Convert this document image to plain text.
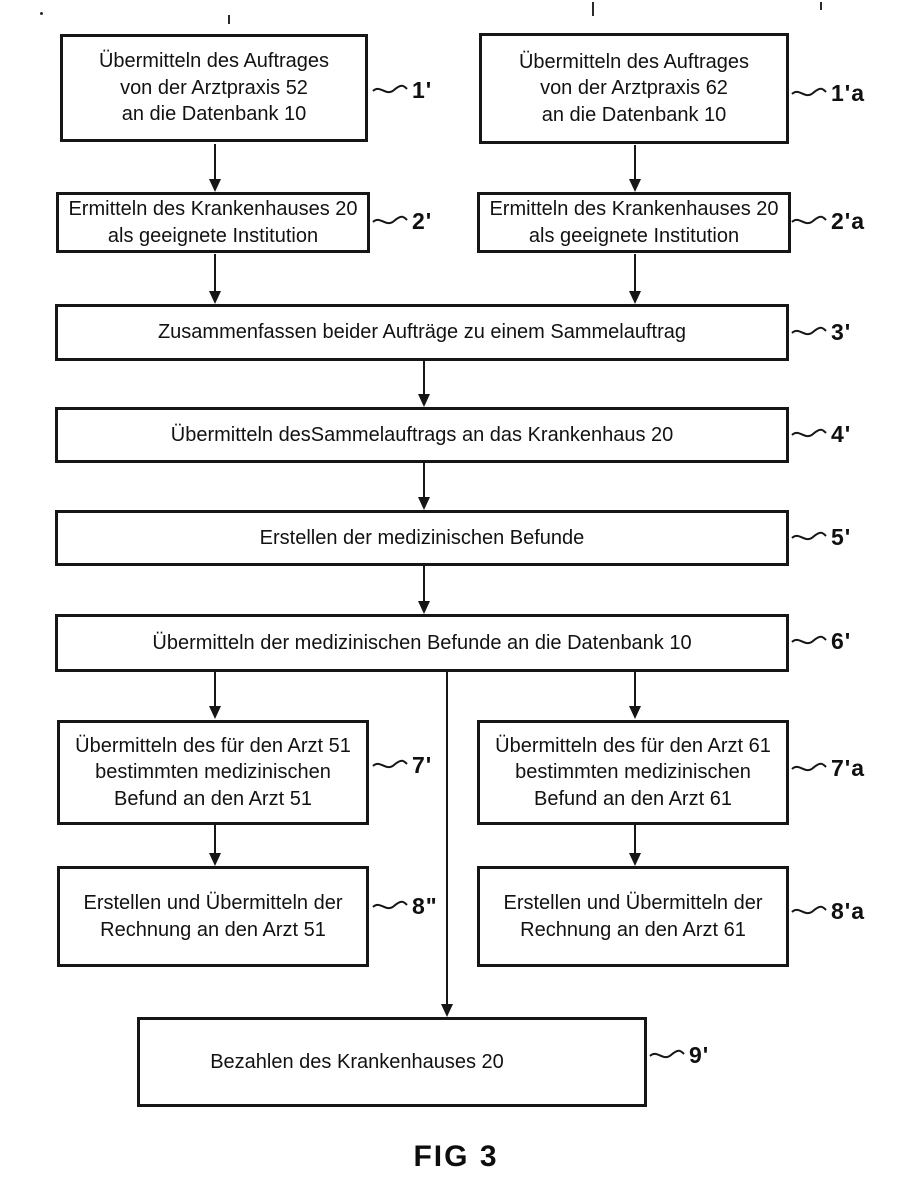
Übermitteln des Auftrages
von der Arztpraxis 52
an die Datenbank 10
Übermitteln des Auftrages
von der Arztpraxis 62
an die Datenbank 10
Ermitteln des Krankenhauses 20
als geeignete Institution
Ermitteln des Krankenhauses 20
als geeignete Institution
Zusammenfassen beider Aufträge zu einem Sammelauftrag
Übermitteln desSammelauftrags an das Krankenhaus 20
Erstellen der medizinischen Befunde
Übermitteln der medizinischen Befunde an die Datenbank 10
Übermitteln des für den Arzt 51
bestimmten medizinischen
Befund an den Arzt 51
Übermitteln des für den Arzt 61
bestimmten medizinischen
Befund an den Arzt 61
Erstellen und Übermitteln der
Rechnung an den Arzt 51
Erstellen und Übermitteln der
Rechnung an den Arzt 61
Bezahlen des Krankenhauses 20
1'	1'a
2'	2'a
3'
4'
5'
6'
7'	7'a
8"	8'a
9'
FIG 3
